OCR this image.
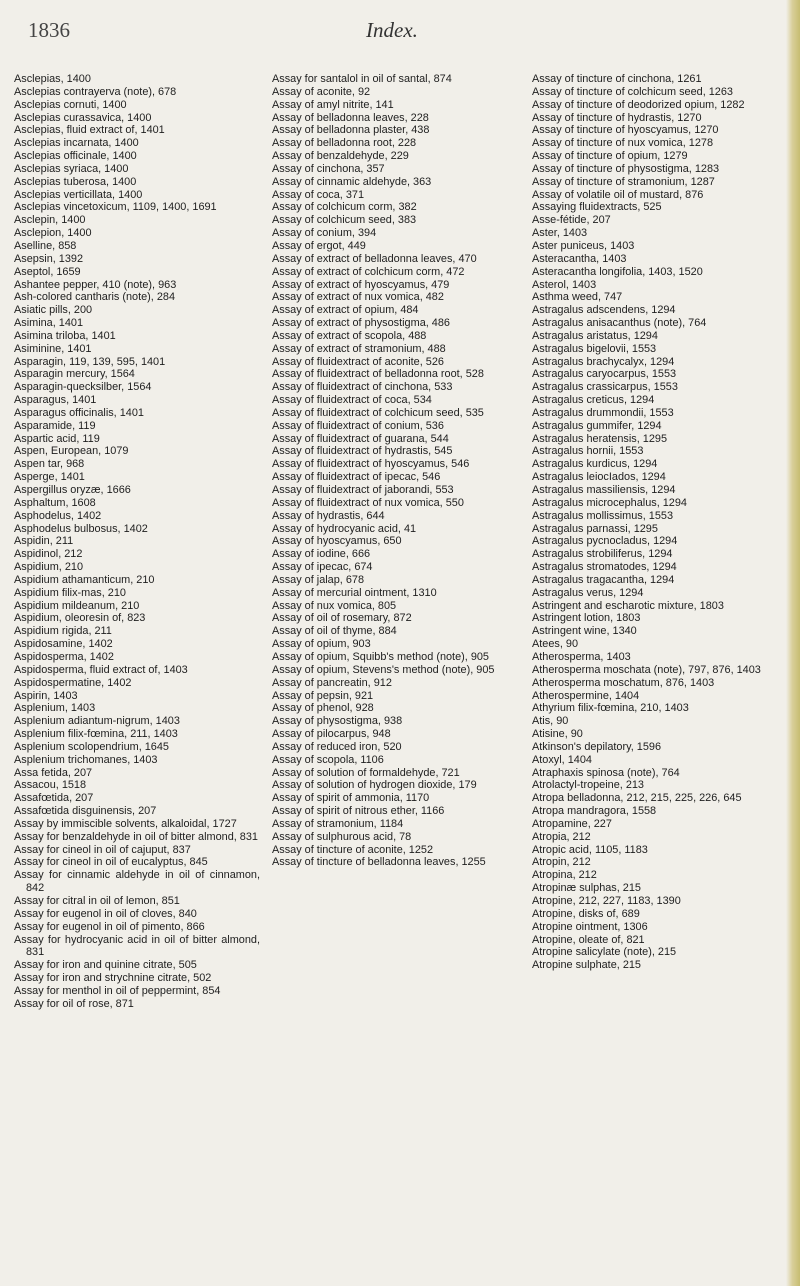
1836	Index.
Asclepias, 1400
Asclepias contrayerva (note), 678
Asclepias cornuti, 1400
Asclepias curassavica, 1400
Asclepias, fluid extract of, 1401
Asclepias incarnata, 1400
Asclepias officinale, 1400
Asclepias syriaca, 1400
Asclepias tuberosa, 1400
Asclepias verticillata, 1400
Asclepias vincetoxicum, 1109, 1400, 1691
Asclepin, 1400
Asclepion, 1400
Aselline, 858
Asepsin, 1392
Aseptol, 1659
Ashantee pepper, 410 (note), 963
Ash-colored cantharis (note), 284
Asiatic pills, 200
Asimina, 1401
Asimina triloba, 1401
Asiminine, 1401
Asparagin, 119, 139, 595, 1401
Asparagin mercury, 1564
Asparagin-quecksilber, 1564
Asparagus, 1401
Asparagus officinalis, 1401
Asparamide, 119
Aspartic acid, 119
Aspen, European, 1079
Aspen tar, 968
Asperge, 1401
Aspergillus oryzæ, 1666
Asphaltum, 1608
Asphodelus, 1402
Asphodelus bulbosus, 1402
Aspidin, 211
Aspidinol, 212
Aspidium, 210
Aspidium athamanticum, 210
Aspidium filix-mas, 210
Aspidium mildeanum, 210
Aspidium, oleoresin of, 823
Aspidium rigida, 211
Aspidosamine, 1402
Aspidosperma, 1402
Aspidosperma, fluid extract of, 1403
Aspidospermatine, 1402
Aspirin, 1403
Asplenium, 1403
Asplenium adiantum-nigrum, 1403
Asplenium filix-fœmina, 211, 1403
Asplenium scolopendrium, 1645
Asplenium trichomanes, 1403
Assa fetida, 207
Assacou, 1518
Assafœtida, 207
Assafœtida disguinensis, 207
Assay by immiscible solvents, alkaloidal, 1727
Assay for benzaldehyde in oil of bitter almond, 831
Assay for cineol in oil of cajuput, 837
Assay for cineol in oil of eucalyptus, 845
Assay for cinnamic aldehyde in oil of cinnamon, 842
Assay for citral in oil of lemon, 851
Assay for eugenol in oil of cloves, 840
Assay for eugenol in oil of pimento, 866
Assay for hydrocyanic acid in oil of bitter almond, 831
Assay for iron and quinine citrate, 505
Assay for iron and strychnine citrate, 502
Assay for menthol in oil of peppermint, 854
Assay for oil of rose, 871
Assay for santalol in oil of santal, 874
Assay of aconite, 92
Assay of amyl nitrite, 141
Assay of belladonna leaves, 228
Assay of belladonna plaster, 438
Assay of belladonna root, 228
Assay of benzaldehyde, 229
Assay of cinchona, 357
Assay of cinnamic aldehyde, 363
Assay of coca, 371
Assay of colchicum corm, 382
Assay of colchicum seed, 383
Assay of conium, 394
Assay of ergot, 449
Assay of extract of belladonna leaves, 470
Assay of extract of colchicum corm, 472
Assay of extract of hyoscyamus, 479
Assay of extract of nux vomica, 482
Assay of extract of opium, 484
Assay of extract of physostigma, 486
Assay of extract of scopola, 488
Assay of extract of stramonium, 488
Assay of fluidextract of aconite, 526
Assay of fluidextract of belladonna root, 528
Assay of fluidextract of cinchona, 533
Assay of fluidextract of coca, 534
Assay of fluidextract of colchicum seed, 535
Assay of fluidextract of conium, 536
Assay of fluidextract of guarana, 544
Assay of fluidextract of hydrastis, 545
Assay of fluidextract of hyoscyamus, 546
Assay of fluidextract of ipecac, 546
Assay of fluidextract of jaborandi, 553
Assay of fluidextract of nux vomica, 550
Assay of hydrastis, 644
Assay of hydrocyanic acid, 41
Assay of hyoscyamus, 650
Assay of iodine, 666
Assay of ipecac, 674
Assay of jalap, 678
Assay of mercurial ointment, 1310
Assay of nux vomica, 805
Assay of oil of rosemary, 872
Assay of oil of thyme, 884
Assay of opium, 903
Assay of opium, Squibb's method (note), 905
Assay of opium, Stevens's method (note), 905
Assay of pancreatin, 912
Assay of pepsin, 921
Assay of phenol, 928
Assay of physostigma, 938
Assay of pilocarpus, 948
Assay of reduced iron, 520
Assay of scopola, 1106
Assay of solution of formaldehyde, 721
Assay of solution of hydrogen dioxide, 179
Assay of spirit of ammonia, 1170
Assay of spirit of nitrous ether, 1166
Assay of stramonium, 1184
Assay of sulphurous acid, 78
Assay of tincture of aconite, 1252
Assay of tincture of belladonna leaves, 1255
Assay of tincture of cinchona, 1261
Assay of tincture of colchicum seed, 1263
Assay of tincture of deodorized opium, 1282
Assay of tincture of hydrastis, 1270
Assay of tincture of hyoscyamus, 1270
Assay of tincture of nux vomica, 1278
Assay of tincture of opium, 1279
Assay of tincture of physostigma, 1283
Assay of tincture of stramonium, 1287
Assay of volatile oil of mustard, 876
Assaying fluidextracts, 525
Asse-fétide, 207
Aster, 1403
Aster puniceus, 1403
Asteracantha, 1403
Asteracantha longifolia, 1403, 1520
Asterol, 1403
Asthma weed, 747
Astragalus adscendens, 1294
Astragalus anisacanthus (note), 764
Astragalus aristatus, 1294
Astragalus bigelovii, 1553
Astragalus brachycalyx, 1294
Astragalus caryocarpus, 1553
Astragalus crassicarpus, 1553
Astragalus creticus, 1294
Astragalus drummondii, 1553
Astragalus gummifer, 1294
Astragalus heratensis, 1295
Astragalus hornii, 1553
Astragalus kurdicus, 1294
Astragalus leiocIados, 1294
Astragalus massiliensis, 1294
Astragalus microcephalus, 1294
Astragalus mollissimus, 1553
Astragalus parnassi, 1295
Astragalus pycnocladus, 1294
Astragalus strobiliferus, 1294
Astragalus stromatodes, 1294
Astragalus tragacantha, 1294
Astragalus verus, 1294
Astringent and escharotic mixture, 1803
Astringent lotion, 1803
Astringent wine, 1340
Atees, 90
Atherosperma, 1403
Atherosperma moschata (note), 797, 876, 1403
Atherosperma moschatum, 876, 1403
Atherospermine, 1404
Athyrium filix-fœmina, 210, 1403
Atis, 90
Atisine, 90
Atkinson's depilatory, 1596
Atoxyl, 1404
Atraphaxis spinosa (note), 764
Atrolactyl-tropeine, 213
Atropa belladonna, 212, 215, 225, 226, 645
Atropa mandragora, 1558
Atropamine, 227
Atropia, 212
Atropic acid, 1105, 1183
Atropin, 212
Atropina, 212
Atropinæ sulphas, 215
Atropine, 212, 227, 1183, 1390
Atropine, disks of, 689
Atropine ointment, 1306
Atropine, oleate of, 821
Atropine salicylate (note), 215
Atropine sulphate, 215
